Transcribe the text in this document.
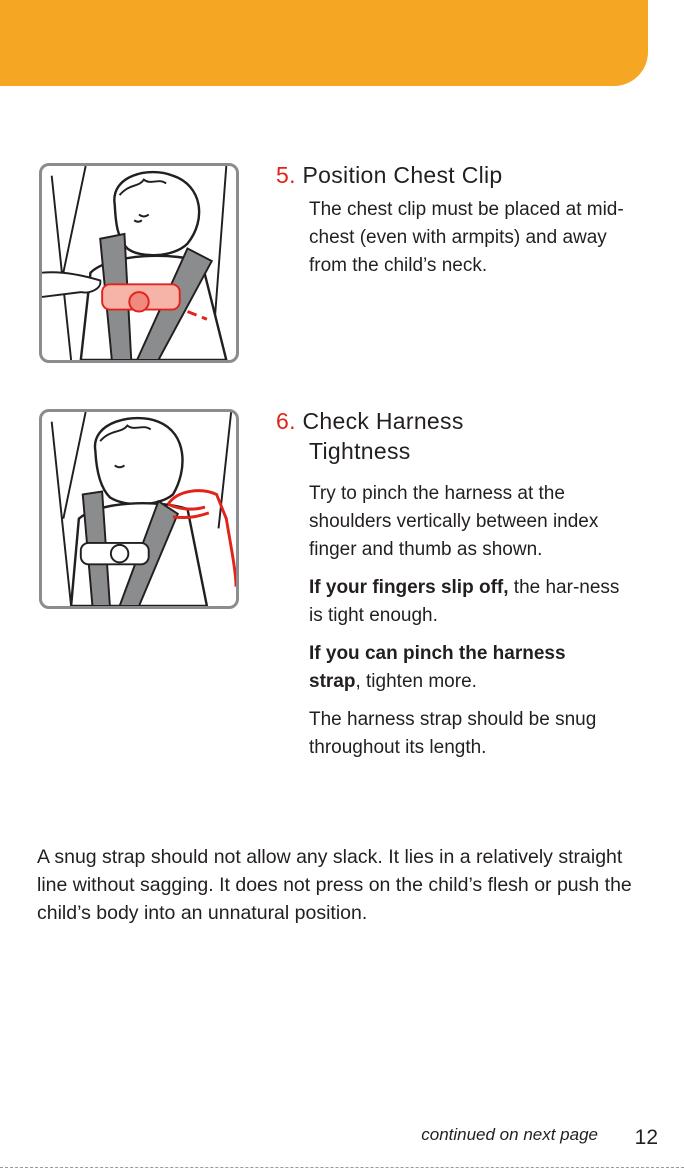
5. Position Chest Clip

The chest clip must be placed at mid-chest (even with armpits) and away from the child’s neck.

6. Check Harness
Tightness

Try to pinch the harness at the shoulders vertically between index finger and thumb as shown.

If your fingers slip off, the har-ness is tight enough.

If you can pinch the harness strap, tighten more.

The harness strap should be snug throughout its length.

A snug strap should not allow any slack. It lies in a relatively straight line without sagging. It does not press on the child’s flesh or push the child’s body into an unnatural position.

continued on next page 12
